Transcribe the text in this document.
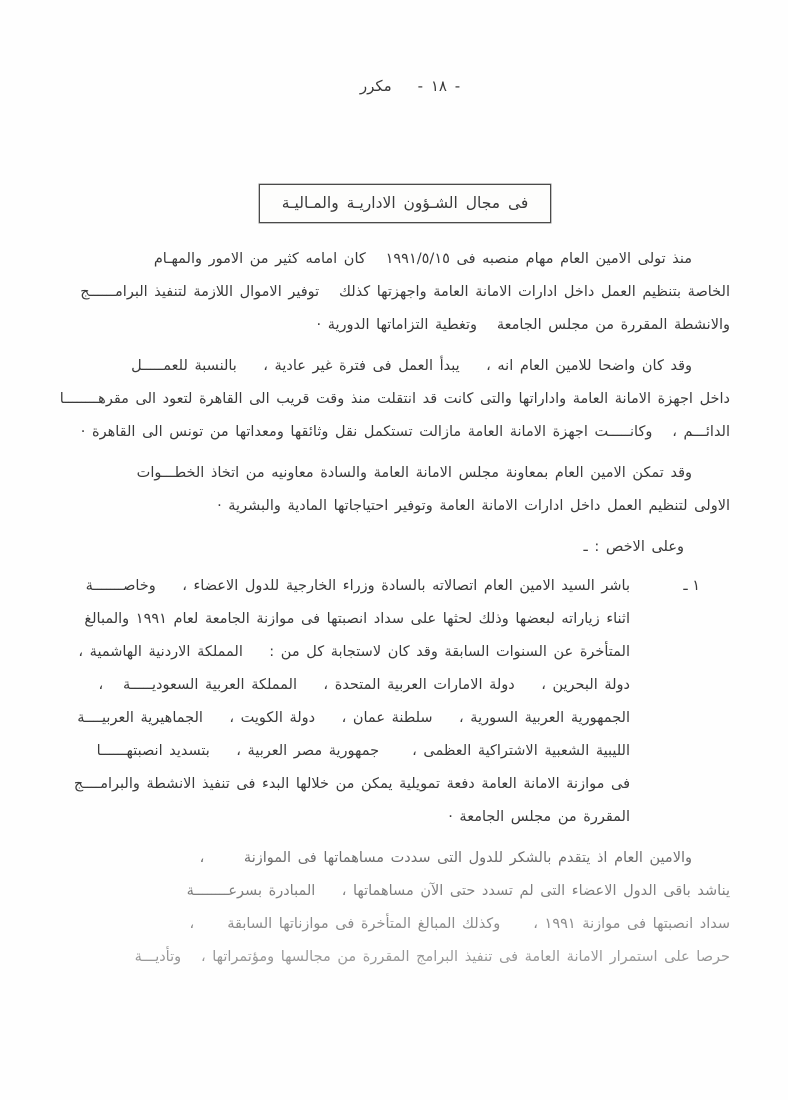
- ١٨ -
مكرر
فى مجال الشـؤون الاداريـة والمـاليـة
منذ تولى الامين العام مهام منصبه فى ١٩٩١/٥/١٥   كان امامه كثير من الامور والمهـام
الخاصة بتنظيم العمل داخل ادارات الامانة العامة واجهزتها كذلك   توفير الاموال اللازمة لتنفيذ البرامــــــج
والانشطة المقررة من مجلس الجامعة   وتغطية التزاماتها الدورية ·
وقد كان واضحا للامين العام انه ،    يبدأ العمل فى فترة غير عادية ،    بالنسبة للعمـــــل
داخل اجهزة الامانة العامة واداراتها والتى كانت قد انتقلت منذ وقت قريب الى القاهرة لتعود الى مقرهــــــــا
الدائـــم ،   وكانـــــت اجهزة الامانة العامة مازالت تستكمل نقل وثائقها ومعداتها من تونس الى القاهرة ·
وقد تمكن الامين العام بمعاونة مجلس الامانة العامة والسادة معاونيه من اتخاذ الخطـــوات
الاولى لتنظيم العمل داخل ادارات الامانة العامة وتوفير احتياجاتها المادية والبشرية ·
وعلى الاخص : ـ
١ ـ
باشر السيد الامين العام اتصالاته بالسادة وزراء الخارجية للدول الاعضاء ،    وخاصـــــــة
اثناء زياراته لبعضها وذلك لحثها على سداد انصبتها فى موازنة الجامعة لعام ١٩٩١ والمبالغ
المتأخرة عن السنوات السابقة وقد كان لاستجابة كل من :    المملكة الاردنية الهاشمية ،
دولة البحرين ،    دولة الامارات العربية المتحدة ،    المملكة العربية السعوديـــــة   ،
الجمهورية العربية السورية ،    سلطنة عمان ،    دولة الكويت ،    الجماهيرية العربيــــة
الليبية الشعبية الاشتراكية العظمى ،     جمهورية مصر العربية ،    بتسديد انصبتهــــــا
فى موازنة الامانة العامة دفعة تمويلية يمكن من خلالها البدء فى تنفيذ الانشطة والبرامــــج
المقررة من مجلس الجامعة ·
والامين العام اذ يتقدم بالشكر للدول التى سددت مساهماتها فى الموازنة      ،
يناشد باقى الدول الاعضاء التى لم تسدد حتى الآن مساهماتها ،    المبادرة بسرعــــــــة
سداد انصبتها فى موازنة ١٩٩١ ،     وكذلك المبالغ المتأخرة فى موازناتها السابقة     ،
حرصا على استمرار الامانة العامة فى تنفيذ البرامج المقررة من مجالسها ومؤتمراتها ،   وتأديـــة
